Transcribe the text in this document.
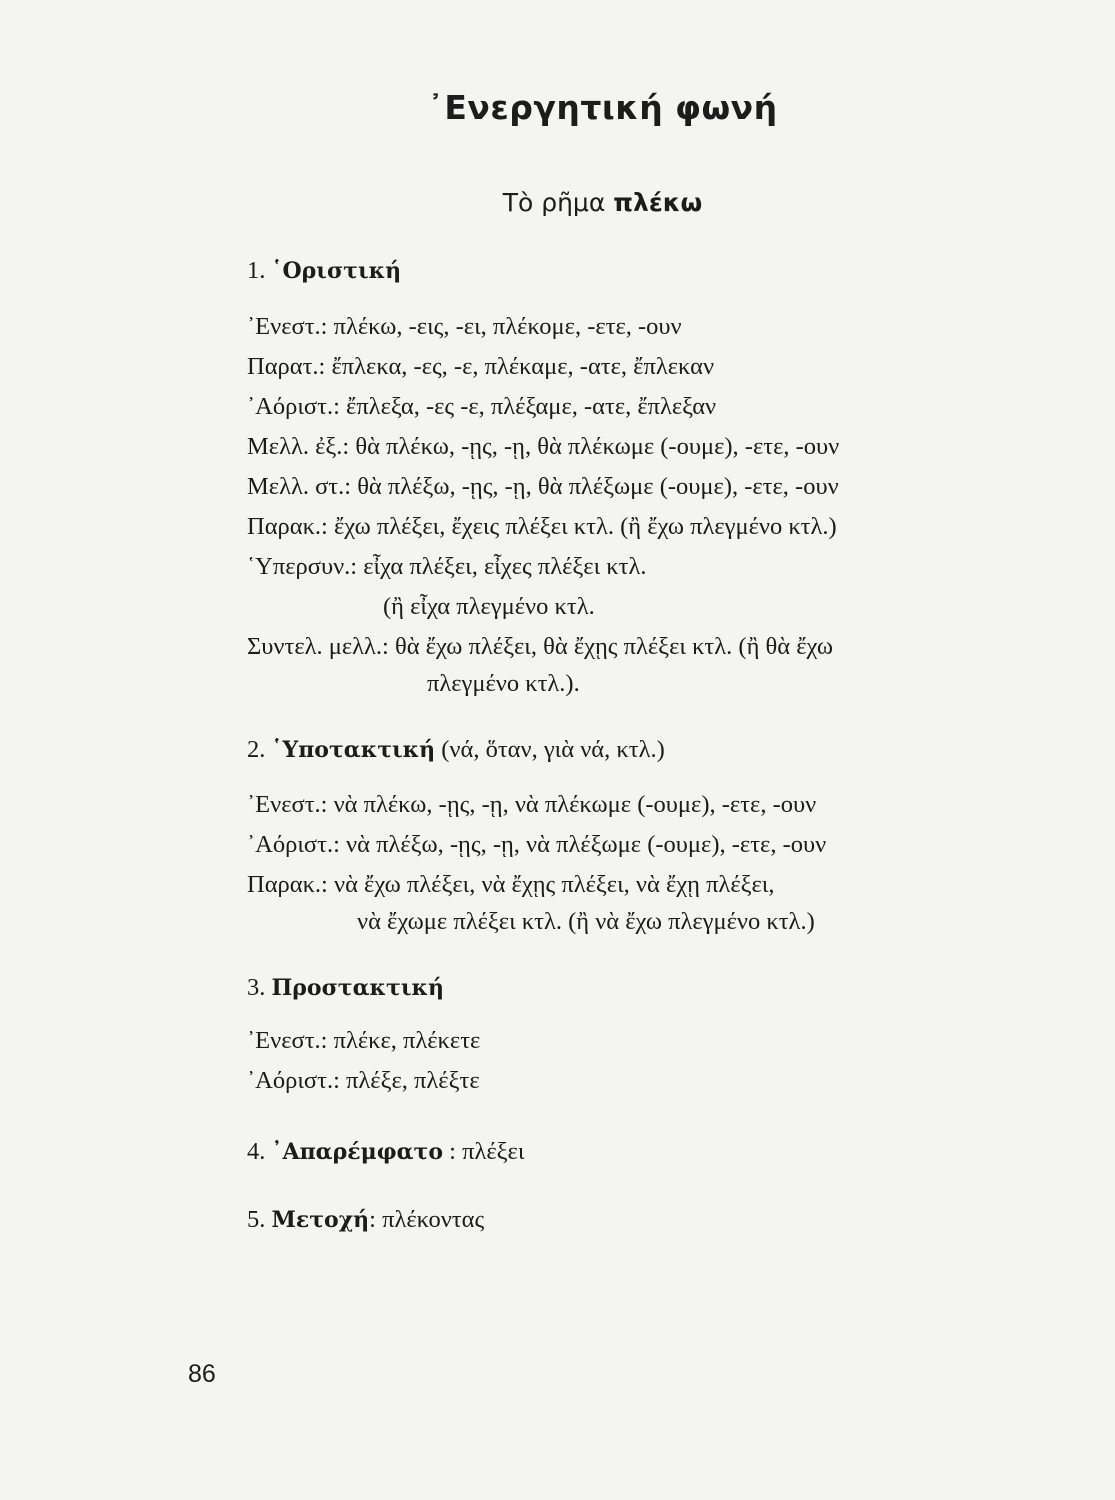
᾿Ενεργητική φωνή
Τὸ ρῆμα πλέκω
1. ῾Οριστική
᾿Ενεστ.: πλέκω, -εις, -ει, πλέκομε, -ετε, -ουν
Παρατ.: ἔπλεκα, -ες, -ε, πλέκαμε, -ατε, ἔπλεκαν
᾿Αόριστ.: ἔπλεξα, -ες -ε, πλέξαμε, -ατε, ἔπλεξαν
Μελλ. ἐξ.: θὰ πλέκω, -ῃς, -ῃ, θὰ πλέκωμε (-ουμε), -ετε, -ουν
Μελλ. στ.: θὰ πλέξω, -ῃς, -ῃ, θὰ πλέξωμε (-ουμε), -ετε, -ουν
Παρακ.: ἔχω πλέξει, ἔχεις πλέξει κτλ. (ἢ ἔχω πλεγμένο κτλ.)
῾Υπερσυν.: εἶχα πλέξει, εἶχες πλέξει κτλ.
(ἢ εἶχα πλεγμένο κτλ.
Συντελ. μελλ.: θὰ ἔχω πλέξει, θὰ ἔχῃς πλέξει κτλ. (ἢ θὰ ἔχω
πλεγμένο κτλ.).
2. ῾Υποτακτική (νά, ὅταν, γιὰ νά, κτλ.)
᾿Ενεστ.: νὰ πλέκω, -ῃς, -ῃ, νὰ πλέκωμε (-ουμε), -ετε, -ουν
᾿Αόριστ.: νὰ πλέξω, -ῃς, -ῃ, νὰ πλέξωμε (-ουμε), -ετε, -ουν
Παρακ.: νὰ ἔχω πλέξει, νὰ ἔχῃς πλέξει, νὰ ἔχῃ πλέξει,
νὰ ἔχωμε πλέξει κτλ. (ἢ νὰ ἔχω πλεγμένο κτλ.)
3. Προστακτική
᾿Ενεστ.: πλέκε, πλέκετε
᾿Αόριστ.: πλέξε, πλέξτε
4. ᾿Απαρέμφατο : πλέξει
5. Μετοχή: πλέκοντας
86
